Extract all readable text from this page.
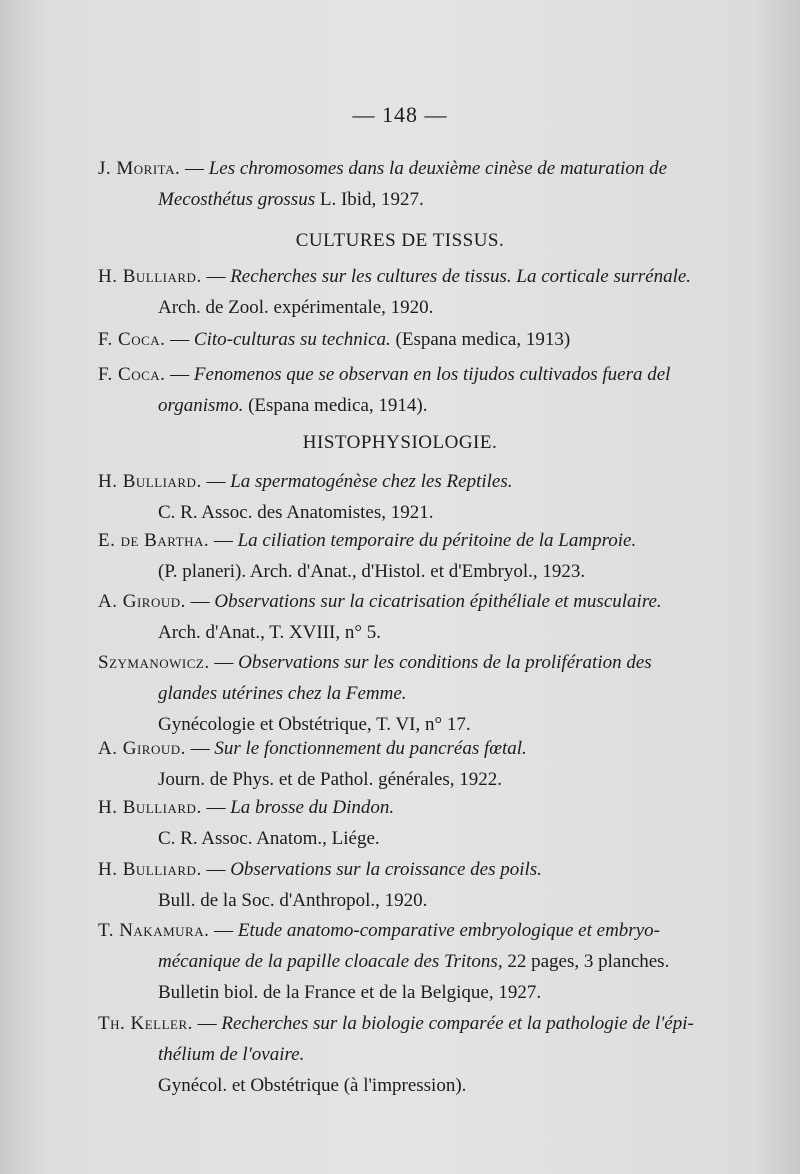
— 148 —
J. Morita. — Les chromosomes dans la deuxième cinèse de maturation de
Mecosthétus grossus L. Ibid, 1927.
CULTURES DE TISSUS.
H. Bulliard. — Recherches sur les cultures de tissus. La corticale surrénale.
Arch. de Zool. expérimentale, 1920.
F. Coca. — Cito-culturas su technica. (Espana medica, 1913)
F. Coca. — Fenomenos que se observan en los tijudos cultivados fuera del
organismo. (Espana medica, 1914).
HISTOPHYSIOLOGIE.
H. Bulliard. — La spermatogénèse chez les Reptiles.
C. R. Assoc. des Anatomistes, 1921.
E. de Bartha. — La ciliation temporaire du péritoine de la Lamproie.
(P. planeri). Arch. d'Anat., d'Histol. et d'Embryol., 1923.
A. Giroud. — Observations sur la cicatrisation épithéliale et musculaire.
Arch. d'Anat., T. XVIII, n° 5.
Szymanowicz. — Observations sur les conditions de la prolifération des
glandes utérines chez la Femme.
Gynécologie et Obstétrique, T. VI, n° 17.
A. Giroud. — Sur le fonctionnement du pancréas fœtal.
Journ. de Phys. et de Pathol. générales, 1922.
H. Bulliard. — La brosse du Dindon.
C. R. Assoc. Anatom., Liége.
H. Bulliard. — Observations sur la croissance des poils.
Bull. de la Soc. d'Anthropol., 1920.
T. Nakamura. — Etude anatomo-comparative embryologique et embryo-
mécanique de la papille cloacale des Tritons, 22 pages, 3 planches.
Bulletin biol. de la France et de la Belgique, 1927.
Th. Keller. — Recherches sur la biologie comparée et la pathologie de l'épi-
thélium de l'ovaire.
Gynécol. et Obstétrique (à l'impression).
